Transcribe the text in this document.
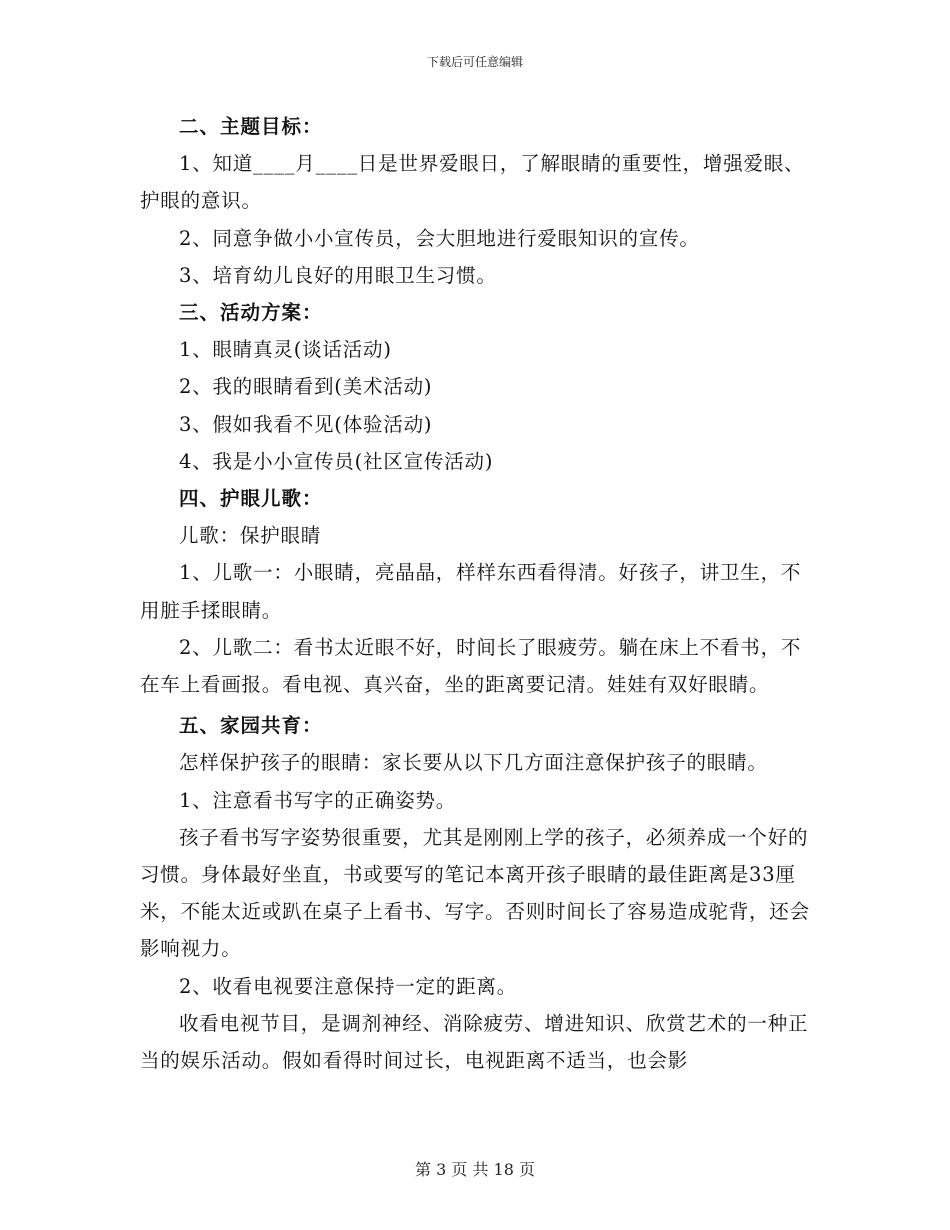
下载后可任意编辑

二、主题目标：

1、知道____月____日是世界爱眼日，了解眼睛的重要性，增强爱眼、护眼的意识。

2、同意争做小小宣传员，会大胆地进行爱眼知识的宣传。

3、培育幼儿良好的用眼卫生习惯。

三、活动方案：

1、眼睛真灵(谈话活动)

2、我的眼睛看到(美术活动)

3、假如我看不见(体验活动)

4、我是小小宣传员(社区宣传活动)

四、护眼儿歌：

儿歌：保护眼睛

1、儿歌一：小眼睛，亮晶晶，样样东西看得清。好孩子，讲卫生，不用脏手揉眼睛。

2、儿歌二：看书太近眼不好，时间长了眼疲劳。躺在床上不看书，不在车上看画报。看电视、真兴奋，坐的距离要记清。娃娃有双好眼睛。

五、家园共育：

怎样保护孩子的眼睛：家长要从以下几方面注意保护孩子的眼睛。

1、注意看书写字的正确姿势。

孩子看书写字姿势很重要，尤其是刚刚上学的孩子，必须养成一个好的习惯。身体最好坐直，书或要写的笔记本离开孩子眼睛的最佳距离是33厘米，不能太近或趴在桌子上看书、写字。否则时间长了容易造成驼背，还会影响视力。

2、收看电视要注意保持一定的距离。

收看电视节目，是调剂神经、消除疲劳、增进知识、欣赏艺术的一种正当的娱乐活动。假如看得时间过长，电视距离不适当，也会影

第 3 页 共 18 页
